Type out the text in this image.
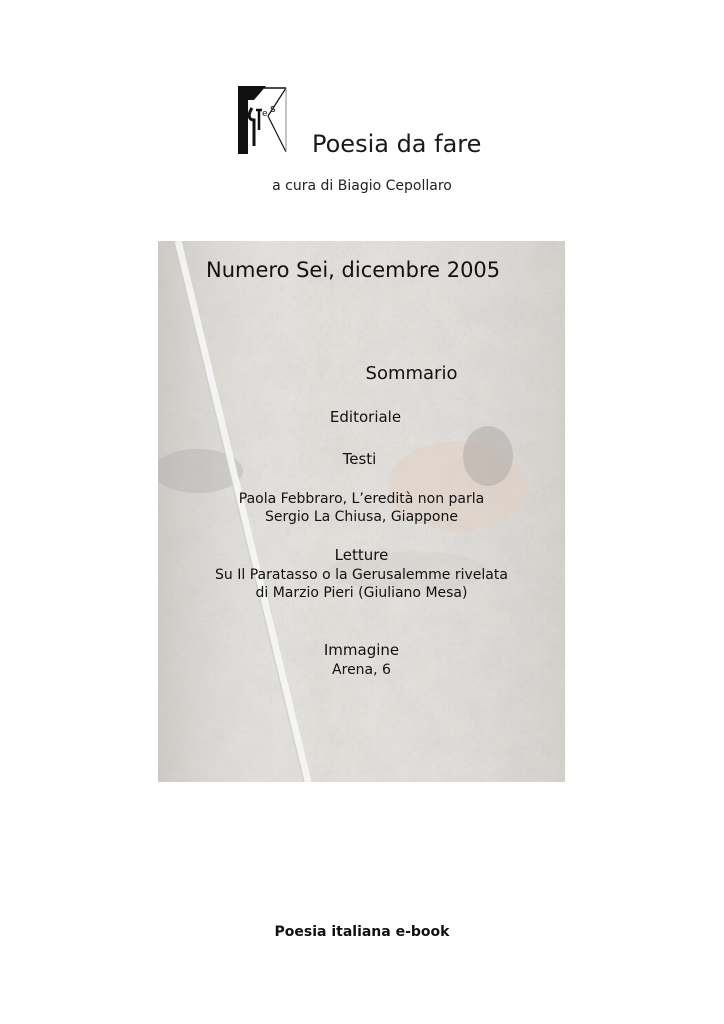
e s
Poesia da fare
a cura di Biagio Cepollaro
Numero Sei, dicembre 2005
Sommario
Editoriale
Testi
Paola Febbraro, L’eredità non parla
Sergio La Chiusa, Giappone
Letture
Su Il Paratasso o la Gerusalemme rivelata
di Marzio Pieri (Giuliano Mesa)
Immagine
Arena, 6
Poesia italiana e-book
